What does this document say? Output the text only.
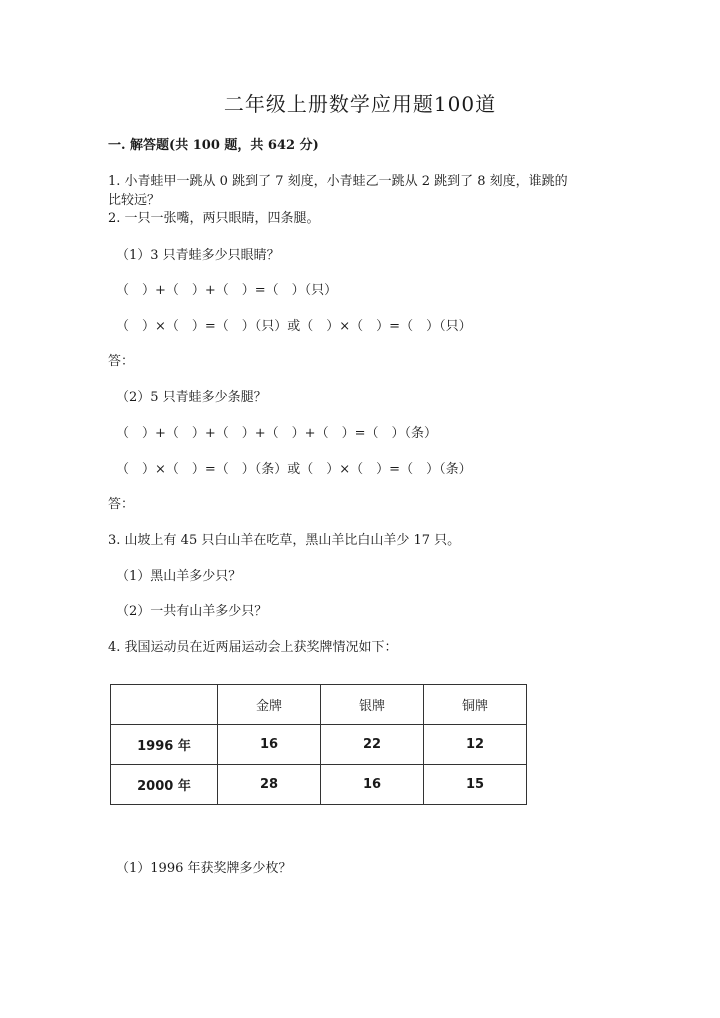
二年级上册数学应用题100道
一. 解答题(共 100 题，共 642 分)
1. 小青蛙甲一跳从 0 跳到了 7 刻度，小青蛙乙一跳从 2 跳到了 8 刻度，谁跳的
比较远？
2. 一只一张嘴，两只眼睛，四条腿。
（1）3 只青蛙多少只眼睛？
（　）+（　）+（　）=（　）（只）
（　）×（　）=（　）（只）或（　）×（　）=（　）（只）
答：
（2）5 只青蛙多少条腿？
（　）+（　）+（　）+（　）+（　）=（　）（条）
（　）×（　）=（　）（条）或（　）×（　）=（　）（条）
答：
3. 山坡上有 45 只白山羊在吃草，黑山羊比白山羊少 17 只。
（1）黑山羊多少只？
（2）一共有山羊多少只？
4. 我国运动员在近两届运动会上获奖牌情况如下：
	金牌	银牌	铜牌
1996 年	16	22	12
2000 年	28	16	15
（1）1996 年获奖牌多少枚？
